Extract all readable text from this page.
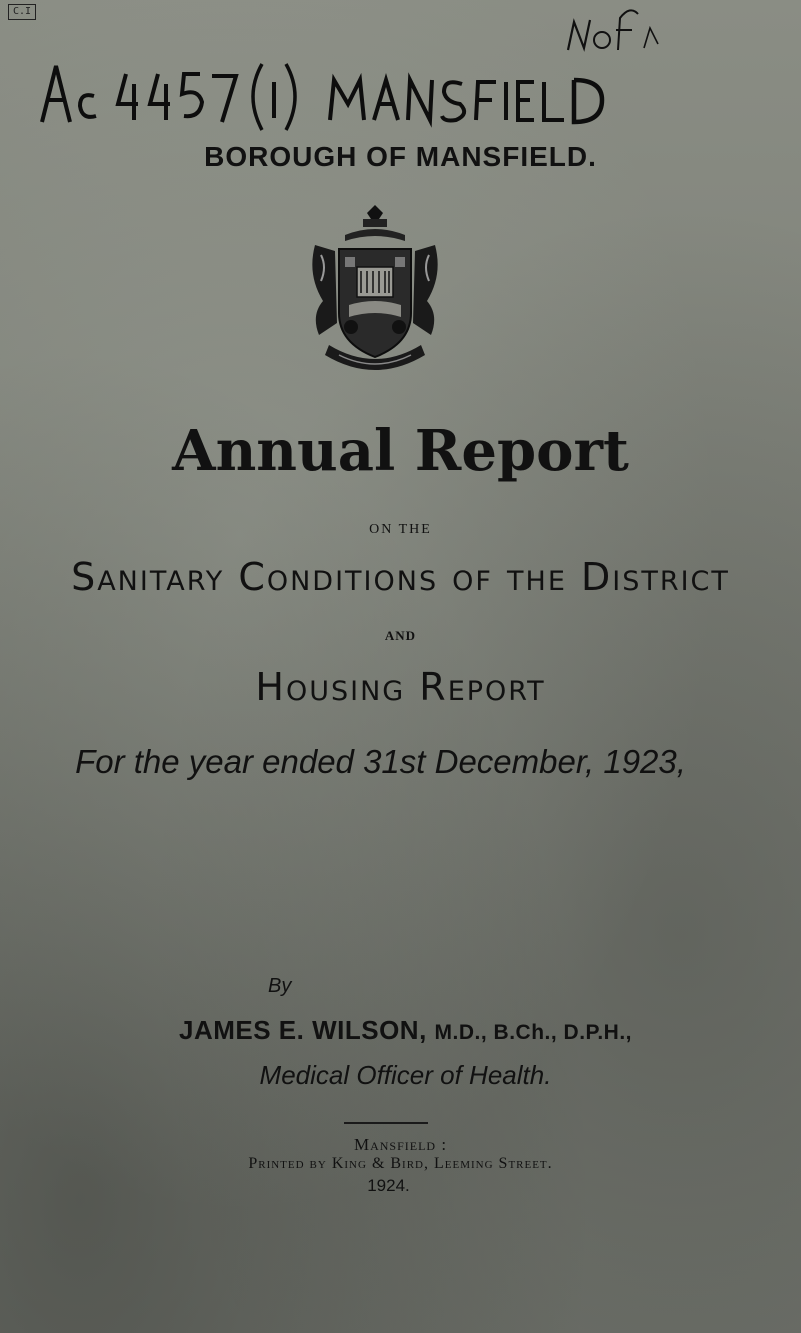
C.I
BOROUGH OF MANSFIELD.
Annual Report
ON THE
Sanitary Conditions of the District
AND
Housing Report
For the year ended 31st December, 1923,
By
JAMES E. WILSON, M.D., B.Ch., D.P.H.,
Medical Officer of Health.
Mansfield :
Printed by King & Bird, Leeming Street.
1924.
